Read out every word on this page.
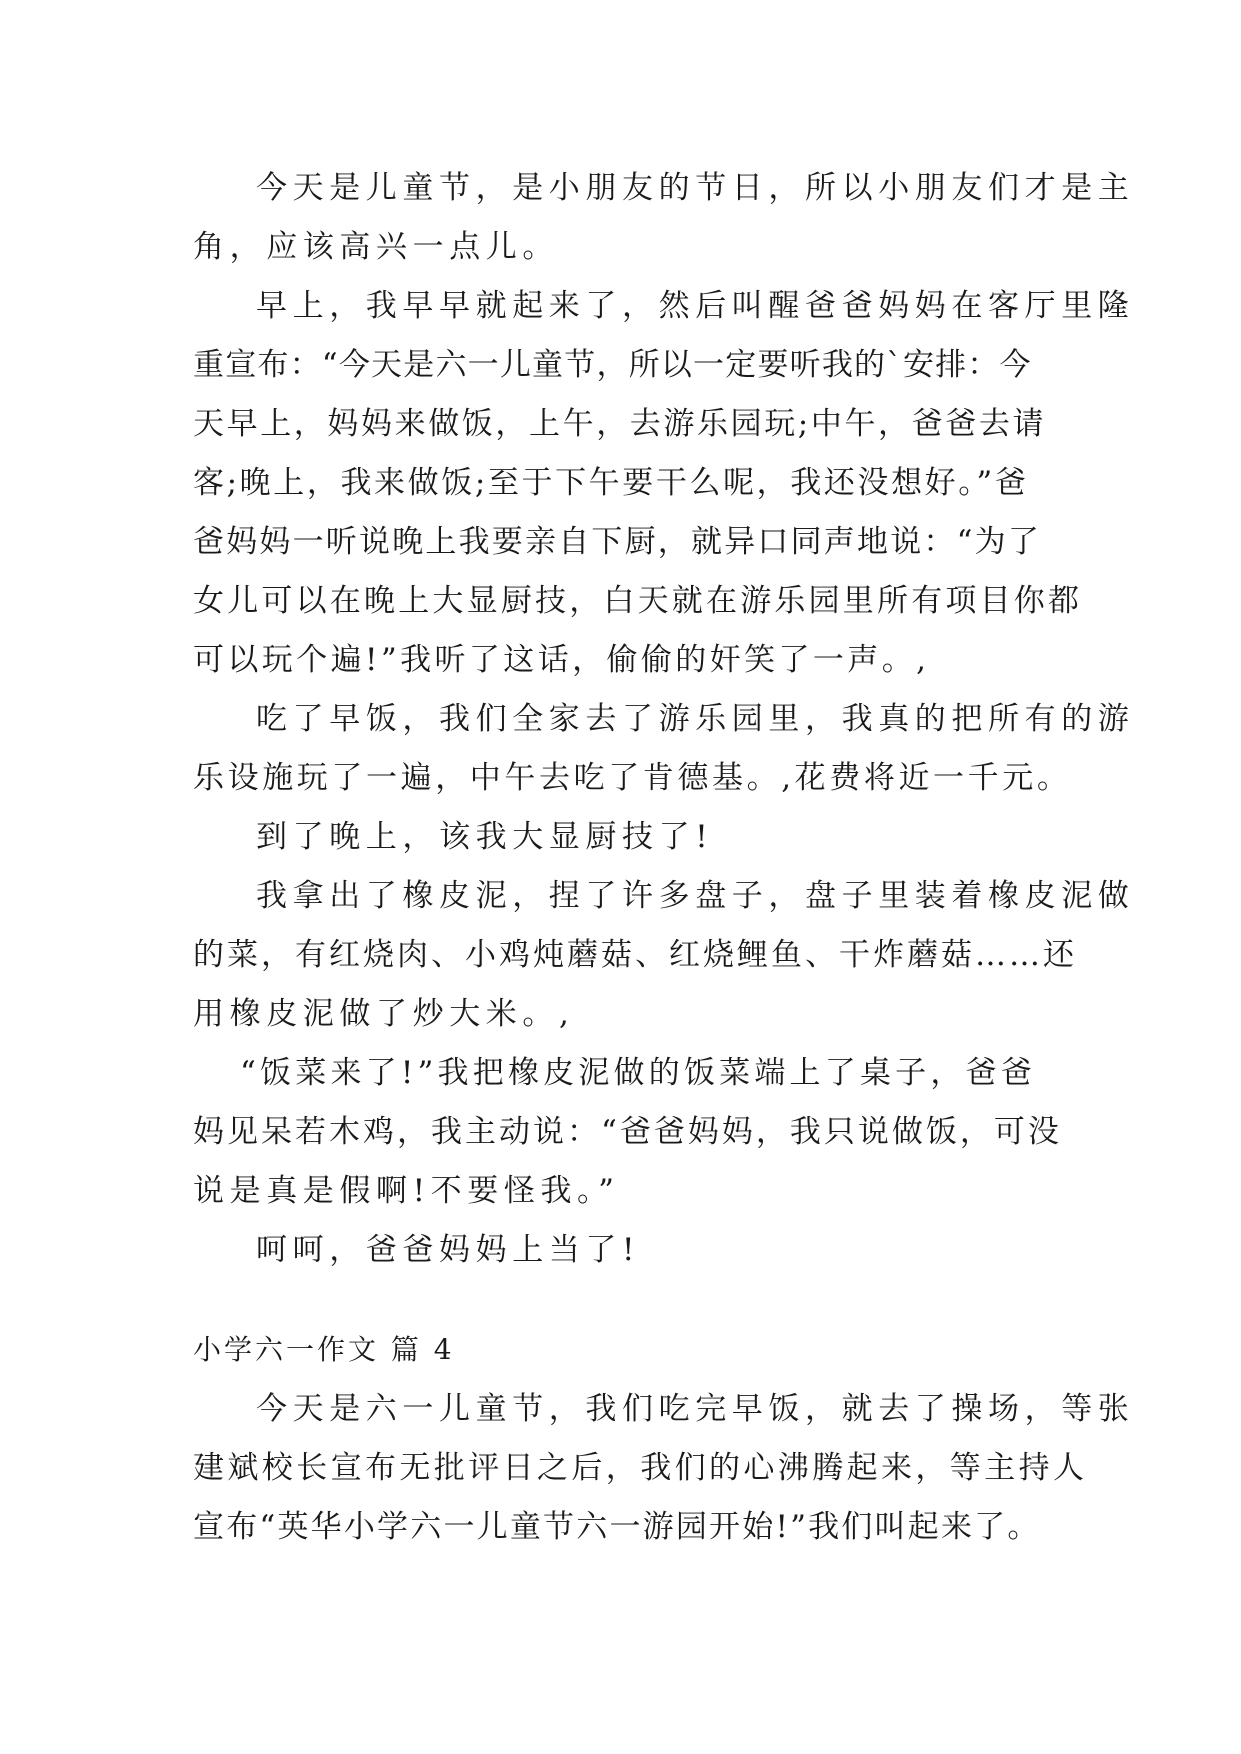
今天是儿童节，是小朋友的节日，所以小朋友们才是主
角，应该高兴一点儿。
早上，我早早就起来了，然后叫醒爸爸妈妈在客厅里隆
重宣布：“今天是六一儿童节，所以一定要听我的`安排：今
天早上，妈妈来做饭，上午，去游乐园玩;中午，爸爸去请
客;晚上，我来做饭;至于下午要干么呢，我还没想好。”爸
爸妈妈一听说晚上我要亲自下厨，就异口同声地说：“为了
女儿可以在晚上大显厨技，白天就在游乐园里所有项目你都
可以玩个遍!”我听了这话，偷偷的奸笑了一声。,
吃了早饭，我们全家去了游乐园里，我真的把所有的游
乐设施玩了一遍，中午去吃了肯德基。,花费将近一千元。
到了晚上，该我大显厨技了!
我拿出了橡皮泥，捏了许多盘子，盘子里装着橡皮泥做
的菜，有红烧肉、小鸡炖蘑菇、红烧鲤鱼、干炸蘑菇……还
用橡皮泥做了炒大米。,
“饭菜来了!”我把橡皮泥做的饭菜端上了桌子，爸爸
妈见呆若木鸡，我主动说：“爸爸妈妈，我只说做饭，可没
说是真是假啊!不要怪我。”
呵呵，爸爸妈妈上当了!
小学六一作文 篇 4
今天是六一儿童节，我们吃完早饭，就去了操场，等张
建斌校长宣布无批评日之后，我们的心沸腾起来，等主持人
宣布“英华小学六一儿童节六一游园开始!”我们叫起来了。
